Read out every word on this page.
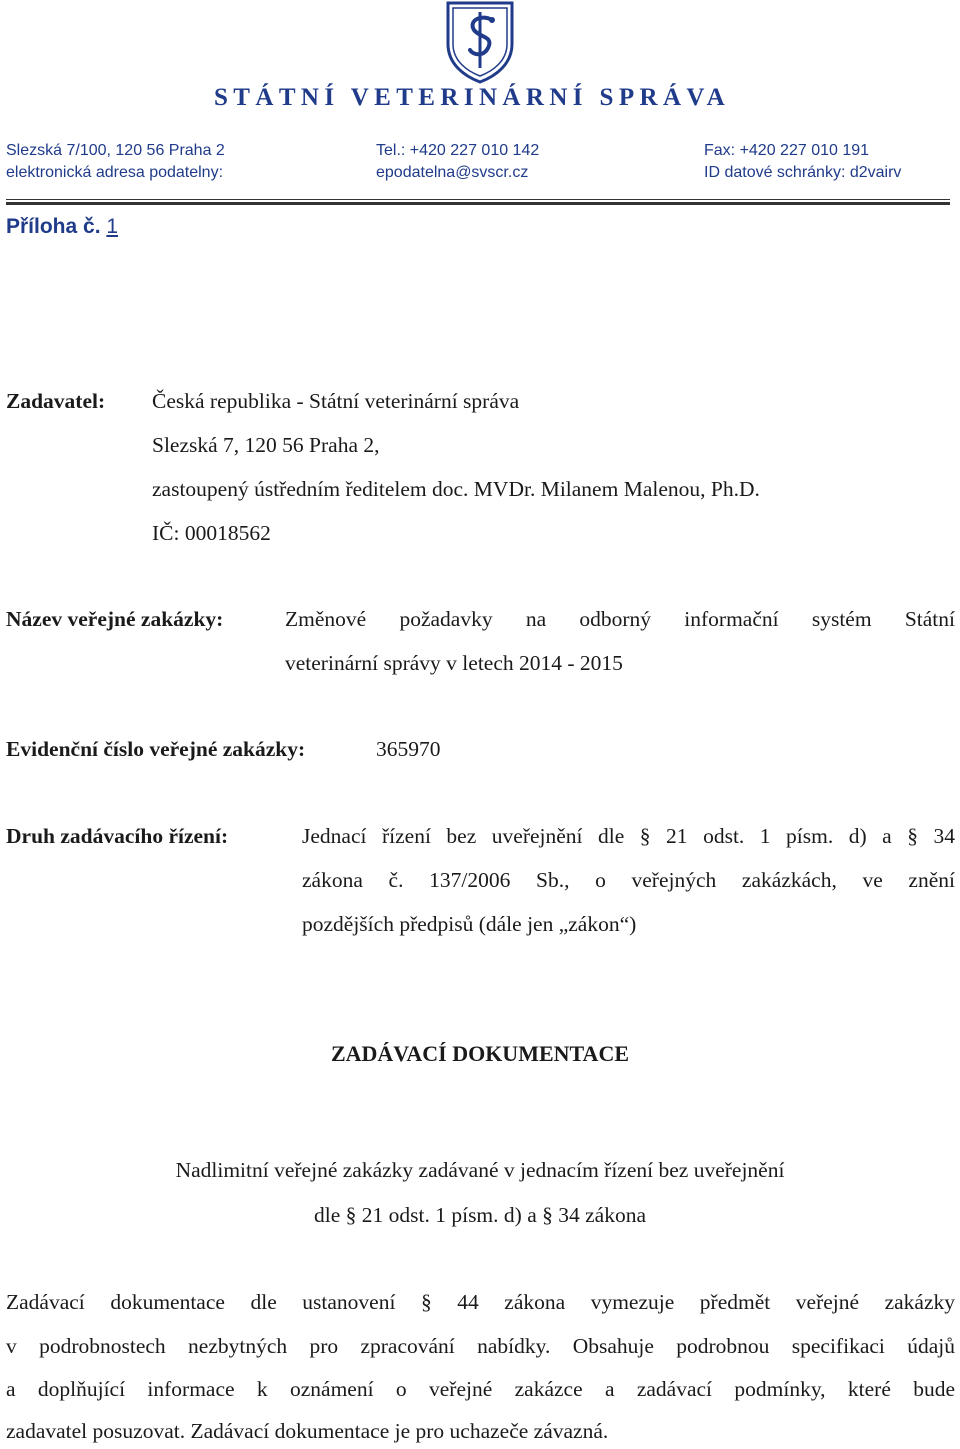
STÁTNÍ VETERINÁRNÍ SPRÁVA
Slezská 7/100, 120 56 Praha 2	Tel.: +420 227 010 142	Fax: +420 227 010 191
elektronická adresa podatelny:	epodatelna@svscr.cz	ID datové schránky: d2vairv
Příloha č. 1
Zadavatel: Česká republika - Státní veterinární správa
Slezská 7, 120 56 Praha 2,
zastoupený ústředním ředitelem doc. MVDr. Milanem Malenou, Ph.D.
IČ: 00018562
Název veřejné zakázky:	Změnové požadavky na odborný informační systém Státní
veterinární správy v letech 2014 - 2015
Evidenční číslo veřejné zakázky:	365970
Druh zadávacího řízení:	Jednací řízení bez uveřejnění dle § 21 odst. 1 písm. d) a § 34
zákona č. 137/2006 Sb., o veřejných zakázkách, ve znění
pozdějších předpisů (dále jen „zákon“)
ZADÁVACÍ DOKUMENTACE
Nadlimitní veřejné zakázky zadávané v jednacím řízení bez uveřejnění
dle § 21 odst. 1 písm. d) a § 34 zákona
Zadávací dokumentace dle ustanovení § 44 zákona vymezuje předmět veřejné zakázky
v podrobnostech nezbytných pro zpracování nabídky. Obsahuje podrobnou specifikaci údajů
a doplňující informace k oznámení o veřejné zakázce a zadávací podmínky, které bude
zadavatel posuzovat. Zadávací dokumentace je pro uchazeče závazná.
